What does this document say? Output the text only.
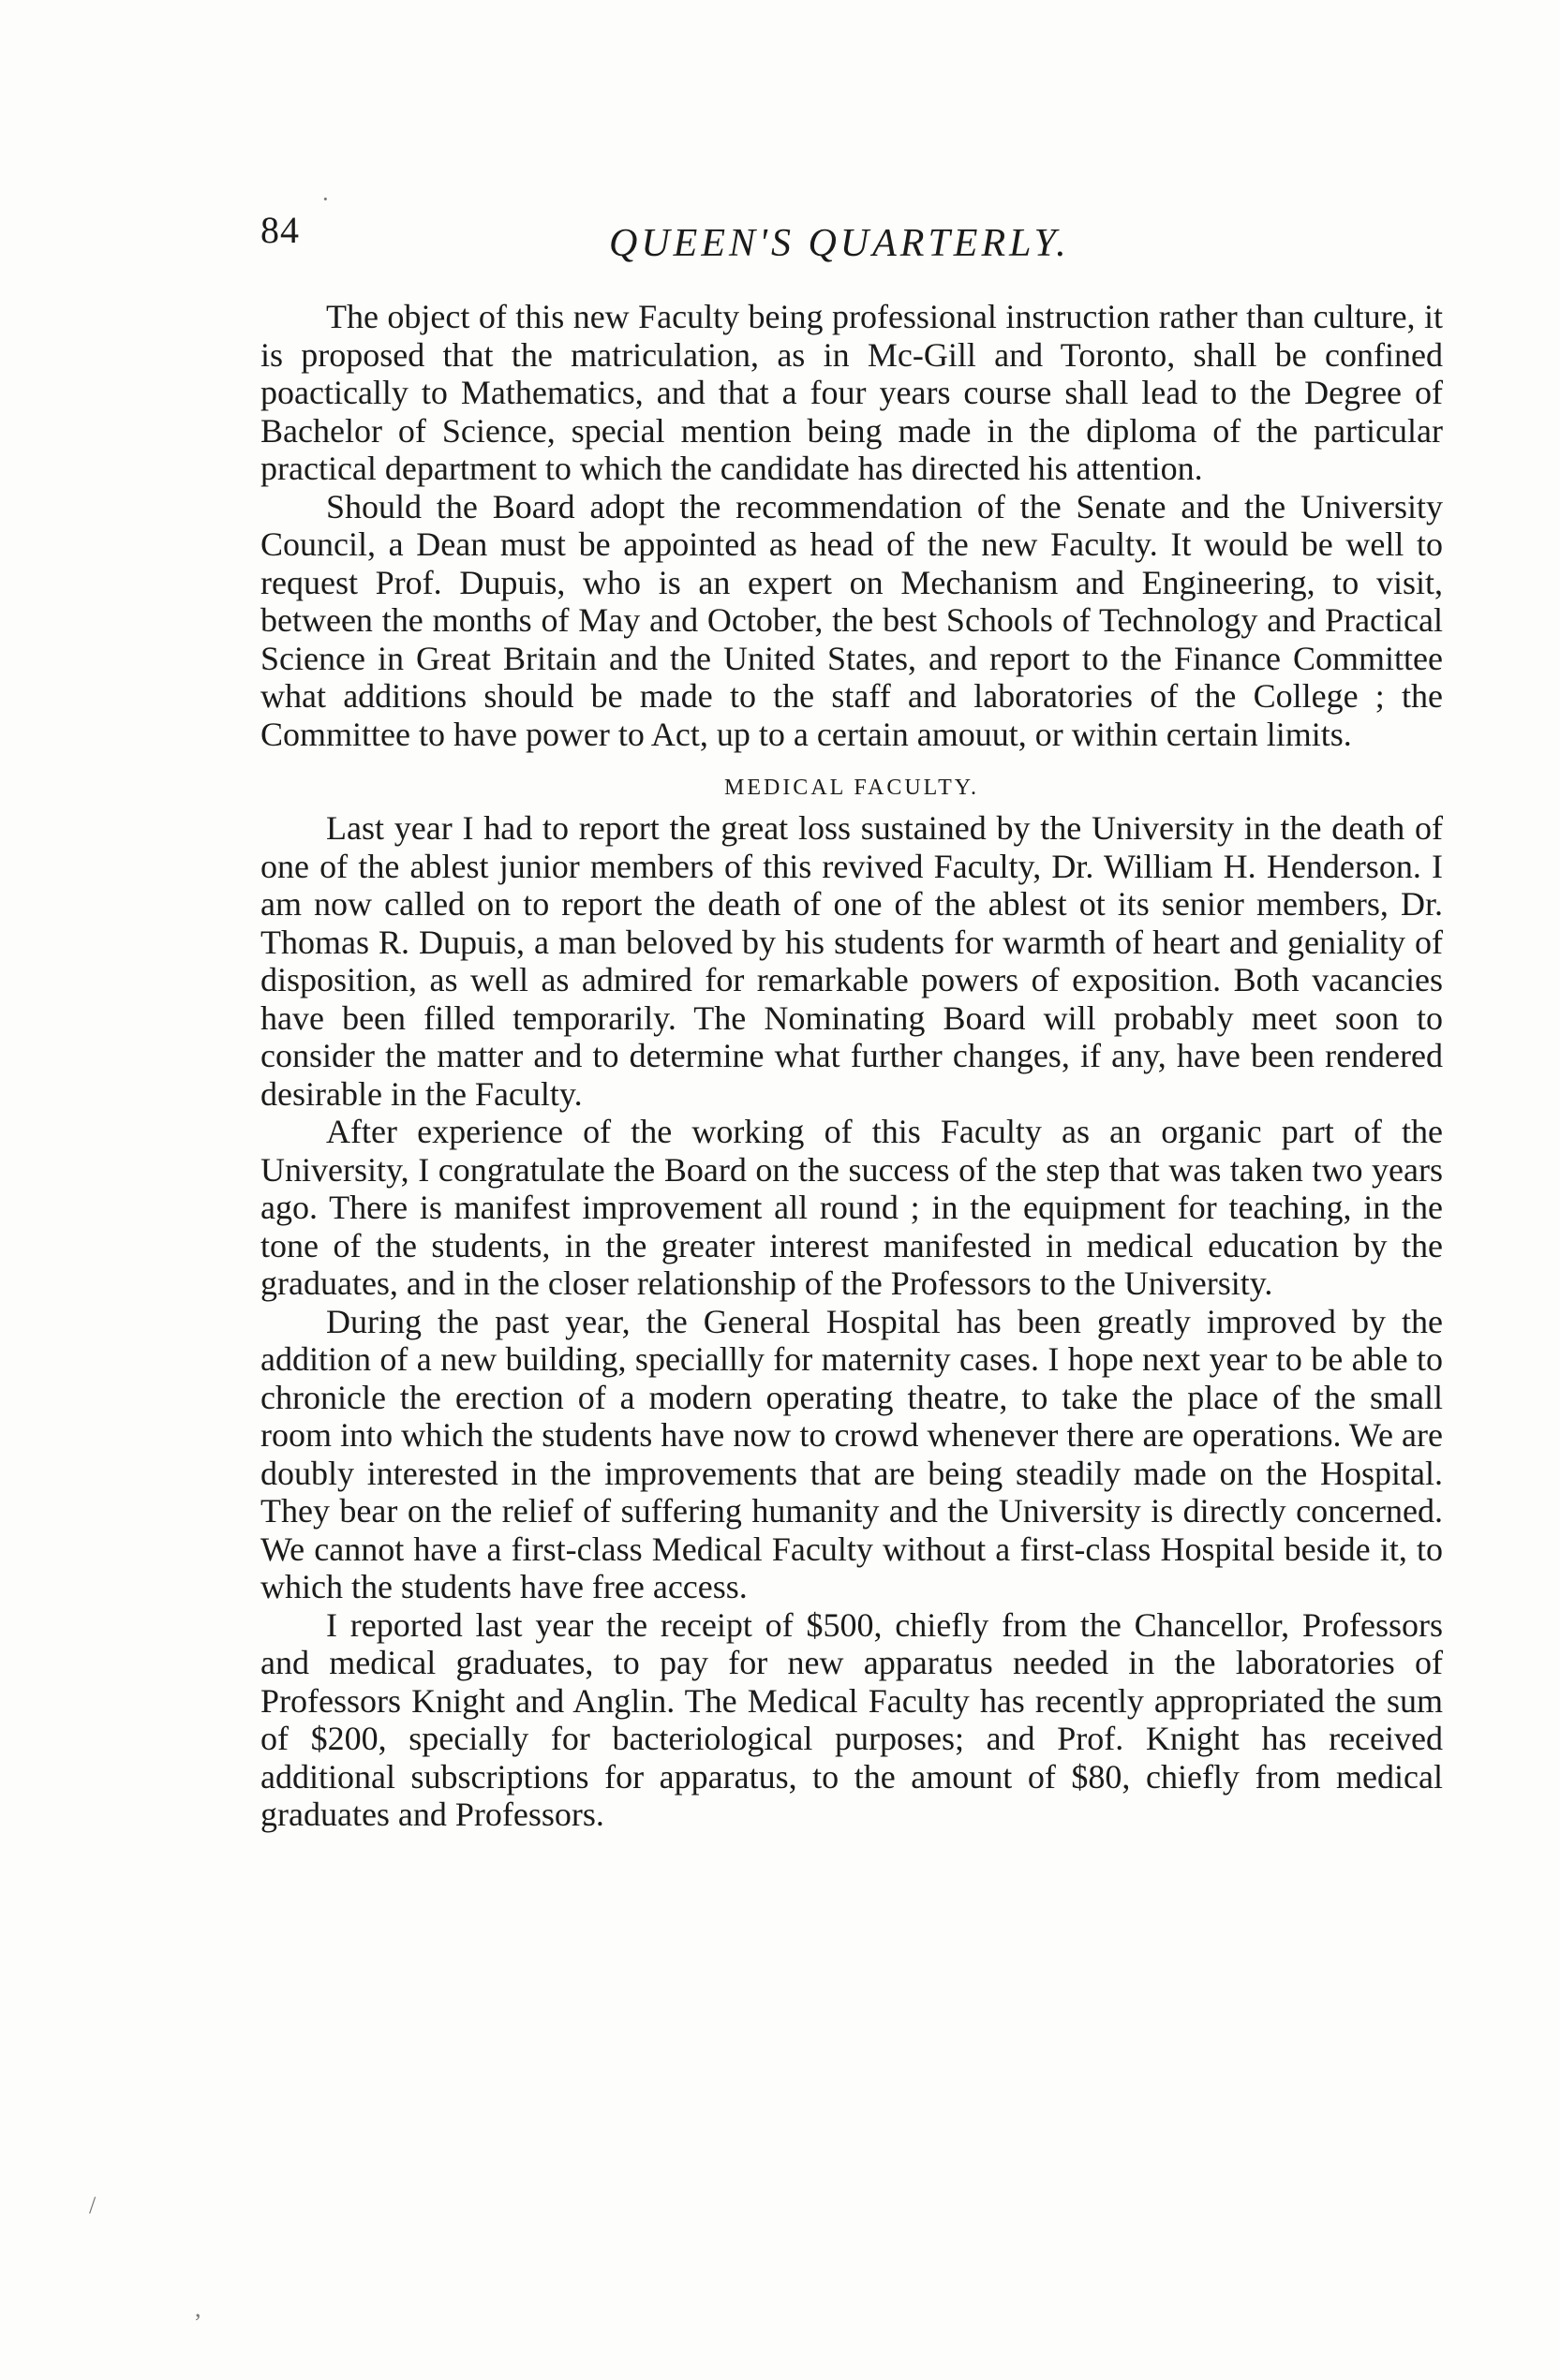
84	QUEEN'S QUARTERLY.

The object of this new Faculty being professional instruction rather than culture, it is proposed that the matriculation, as in Mc-Gill and Toronto, shall be confined poactically to Mathematics, and that a four years course shall lead to the Degree of Bachelor of Science, special mention being made in the diploma of the particular practical department to which the candidate has directed his attention.

Should the Board adopt the recommendation of the Senate and the University Council, a Dean must be appointed as head of the new Faculty. It would be well to request Prof. Dupuis, who is an expert on Mechanism and Engineering, to visit, between the months of May and October, the best Schools of Technology and Practical Science in Great Britain and the United States, and report to the Finance Committee what additions should be made to the staff and laboratories of the College ; the Committee to have power to Act, up to a certain amouut, or within certain limits.

MEDICAL FACULTY.

Last year I had to report the great loss sustained by the University in the death of one of the ablest junior members of this revived Faculty, Dr. William H. Henderson. I am now called on to report the death of one of the ablest ot its senior members, Dr. Thomas R. Dupuis, a man beloved by his students for warmth of heart and geniality of disposition, as well as admired for remarkable powers of exposition. Both vacancies have been filled temporarily. The Nominating Board will probably meet soon to consider the matter and to determine what further changes, if any, have been rendered desirable in the Faculty.

After experience of the working of this Faculty as an organic part of the University, I congratulate the Board on the success of the step that was taken two years ago. There is manifest improvement all round ; in the equipment for teaching, in the tone of the students, in the greater interest manifested in medical education by the graduates, and in the closer relationship of the Professors to the University.

During the past year, the General Hospital has been greatly improved by the addition of a new building, speciallly for maternity cases. I hope next year to be able to chronicle the erection of a modern operating theatre, to take the place of the small room into which the students have now to crowd whenever there are operations. We are doubly interested in the improvements that are being steadily made on the Hospital. They bear on the relief of suffering humanity and the University is directly concerned. We cannot have a first-class Medical Faculty without a first-class Hospital beside it, to which the students have free access.

I reported last year the receipt of $500, chiefly from the Chancellor, Professors and medical graduates, to pay for new apparatus needed in the laboratories of Professors Knight and Anglin. The Medical Faculty has recently appropriated the sum of $200, specially for bacteriological purposes; and Prof. Knight has received additional subscriptions for apparatus, to the amount of $80, chiefly from medical graduates and Professors.

·
,
/
